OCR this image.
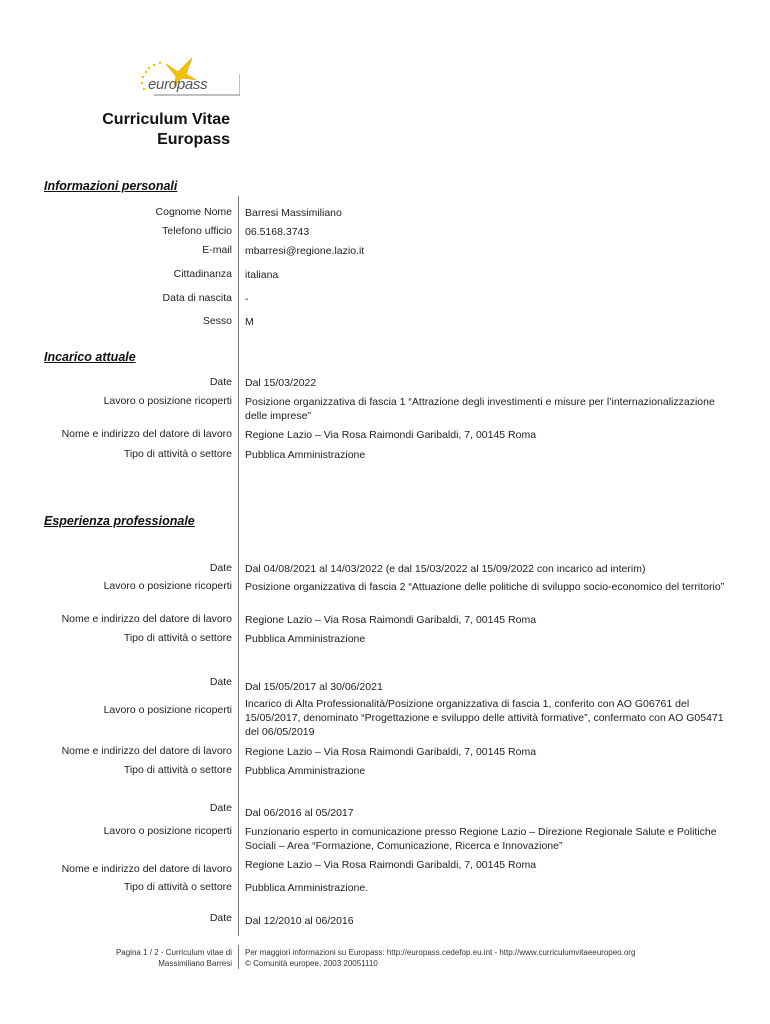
europass
Curriculum Vitae
Europass
Informazioni personali
Cognome Nome Barresi Massimiliano
Telefono ufficio 06.5168.3743
E-mail mbarresi@regione.lazio.it
Cittadinanza italiana
Data di nascita -
Sesso M
Incarico attuale
Date Dal 15/03/2022
Lavoro o posizione ricoperti Posizione organizzativa di fascia 1 “Attrazione degli investimenti e misure per l’internazionalizzazione delle imprese”
Nome e indirizzo del datore di lavoro Regione Lazio – Via Rosa Raimondi Garibaldi, 7, 00145 Roma
Tipo di attività o settore Pubblica Amministrazione
Esperienza professionale
Date Dal 04/08/2021 al 14/03/2022 (e dal 15/03/2022 al 15/09/2022 con incarico ad interim)
Lavoro o posizione ricoperti Posizione organizzativa di fascia 2 “Attuazione delle politiche di sviluppo socio-economico del territorio”
Nome e indirizzo del datore di lavoro Regione Lazio – Via Rosa Raimondi Garibaldi, 7, 00145 Roma
Tipo di attività o settore Pubblica Amministrazione
Date Dal 15/05/2017 al 30/06/2021
Lavoro o posizione ricoperti Incarico di Alta Professionalità/Posizione organizzativa di fascia 1, conferito con AO G06761 del 15/05/2017, denominato “Progettazione e sviluppo delle attività formative”, confermato con AO G05471 del 06/05/2019
Nome e indirizzo del datore di lavoro Regione Lazio – Via Rosa Raimondi Garibaldi, 7, 00145 Roma
Tipo di attività o settore Pubblica Amministrazione
Date Dal 06/2016 al 05/2017
Lavoro o posizione ricoperti Funzionario esperto in comunicazione presso Regione Lazio – Direzione Regionale Salute e Politiche Sociali – Area “Formazione, Comunicazione, Ricerca e Innovazione”
Nome e indirizzo del datore di lavoro Regione Lazio – Via Rosa Raimondi Garibaldi, 7, 00145 Roma
Tipo di attività o settore Pubblica Amministrazione.
Date Dal 12/2010 al 06/2016
Pagina 1 / 2 - Curriculum vitae di
Massimiliano Barresi
Per maggiori informazioni su Europass: http://europass.cedefop.eu.int - http://www.curriculumvitaeeuropeo.org
© Comunità europee, 2003 20051110
